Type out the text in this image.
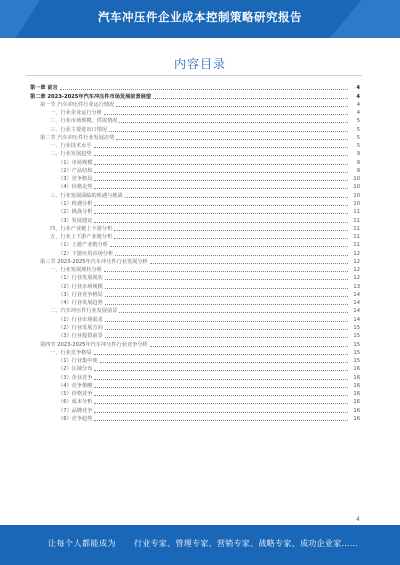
汽车冲压件企业成本控制策略研究报告
内容目录
第一章 前言	4
第二章 2023-2025年汽车冲压件市场发展前景展望	4
第一节 汽车冲压件行业运行情况	4
一、行业企业运行分析	4
二、行业市场规模、供需情况	5
三、行业主要进出口情况	5
第二节 汽车冲压件行业发展态势	5
一、行业技术水平	5
二、行业发展趋势	9
（1）市场规模	9
（2）产品结构	9
（3）竞争格局	10
（4）价格走势	10
三、行业发展面临的机遇与挑战	10
（1）机遇分析	10
（2）挑战分析	11
（3）发展建议	11
四、行业产业链上下游分析	11
五、行业上下游产业链分析	11
（1）上游产业链分析	11
（2）下游应用市场分析	12
第三节 2023-2025年汽车冲压件行业发展分析	12
一、行业发展现状分析	12
（1）行业发展现状	12
（2）行业市场规模	13
（3）行业竞争格局	14
（4）行业发展趋势	14
二、汽车冲压件行业发展前景	14
（1）行业市场需求	14
（2）行业发展方向	15
（3）行业投资前景	15
第四节 2023-2025年汽车冲压件行业竞争分析	15
一、行业竞争格局	15
（1）行业集中度	15
（2）区域分布	16
（3）企业竞争	16
（4）竞争策略	16
（5）价格竞争	16
（6）成本分析	16
（7）品牌竞争	16
（8）竞争趋势	16
4
让每个人都能成为 行业专家、管理专家、营销专家、战略专家、成功企业家……
